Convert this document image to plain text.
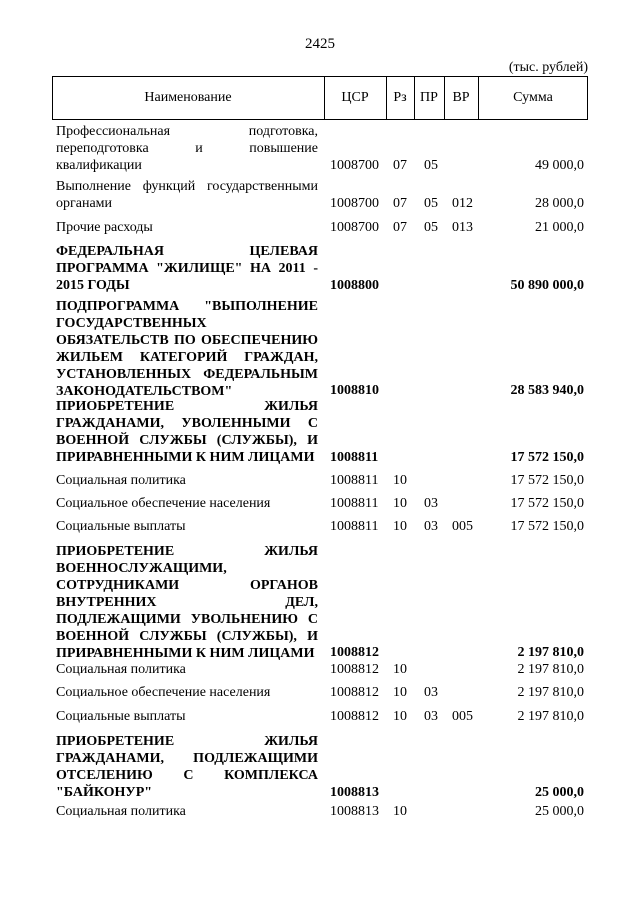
2425
(тыс. рублей)
Наименование	ЦСР	Рз ПР	ВР	Сумма
Профессиональная подготовка, переподготовка и повышение квалификации	1008700 07 05	49 000,0
Выполнение функций государственными органами	1008700 07 05 012	28 000,0
Прочие расходы	1008700 07 05 013	21 000,0
ФЕДЕРАЛЬНАЯ ЦЕЛЕВАЯ ПРОГРАММА "ЖИЛИЩЕ" НА 2011 - 2015 ГОДЫ	1008800	50 890 000,0
ПОДПРОГРАММА "ВЫПОЛНЕНИЕ ГОСУДАРСТВЕННЫХ ОБЯЗАТЕЛЬСТВ ПО ОБЕСПЕЧЕНИЮ ЖИЛЬЕМ КАТЕГОРИЙ ГРАЖДАН, УСТАНОВЛЕННЫХ ФЕДЕРАЛЬНЫМ ЗАКОНОДАТЕЛЬСТВОМ"	1008810	28 583 940,0
ПРИОБРЕТЕНИЕ ЖИЛЬЯ ГРАЖДАНАМИ, УВОЛЕННЫМИ С ВОЕННОЙ СЛУЖБЫ (СЛУЖБЫ), И ПРИРАВНЕННЫМИ К НИМ ЛИЦАМИ 1008811	17 572 150,0
Социальная политика	1008811 10	17 572 150,0
Социальное обеспечение населения	1008811 10 03	17 572 150,0
Социальные выплаты	1008811 10 03 005	17 572 150,0
ПРИОБРЕТЕНИЕ ЖИЛЬЯ ВОЕННОСЛУЖАЩИМИ, СОТРУДНИКАМИ ОРГАНОВ ВНУТРЕННИХ ДЕЛ, ПОДЛЕЖАЩИМИ УВОЛЬНЕНИЮ С ВОЕННОЙ СЛУЖБЫ (СЛУЖБЫ), И ПРИРАВНЕННЫМИ К НИМ ЛИЦАМИ 1008812	2 197 810,0
Социальная политика	1008812 10	2 197 810,0
Социальное обеспечение населения	1008812 10 03	2 197 810,0
Социальные выплаты	1008812 10 03 005	2 197 810,0
ПРИОБРЕТЕНИЕ ЖИЛЬЯ ГРАЖДАНАМИ, ПОДЛЕЖАЩИМИ ОТСЕЛЕНИЮ С КОМПЛЕКСА "БАЙКОНУР"	1008813	25 000,0
Социальная политика	1008813 10	25 000,0
